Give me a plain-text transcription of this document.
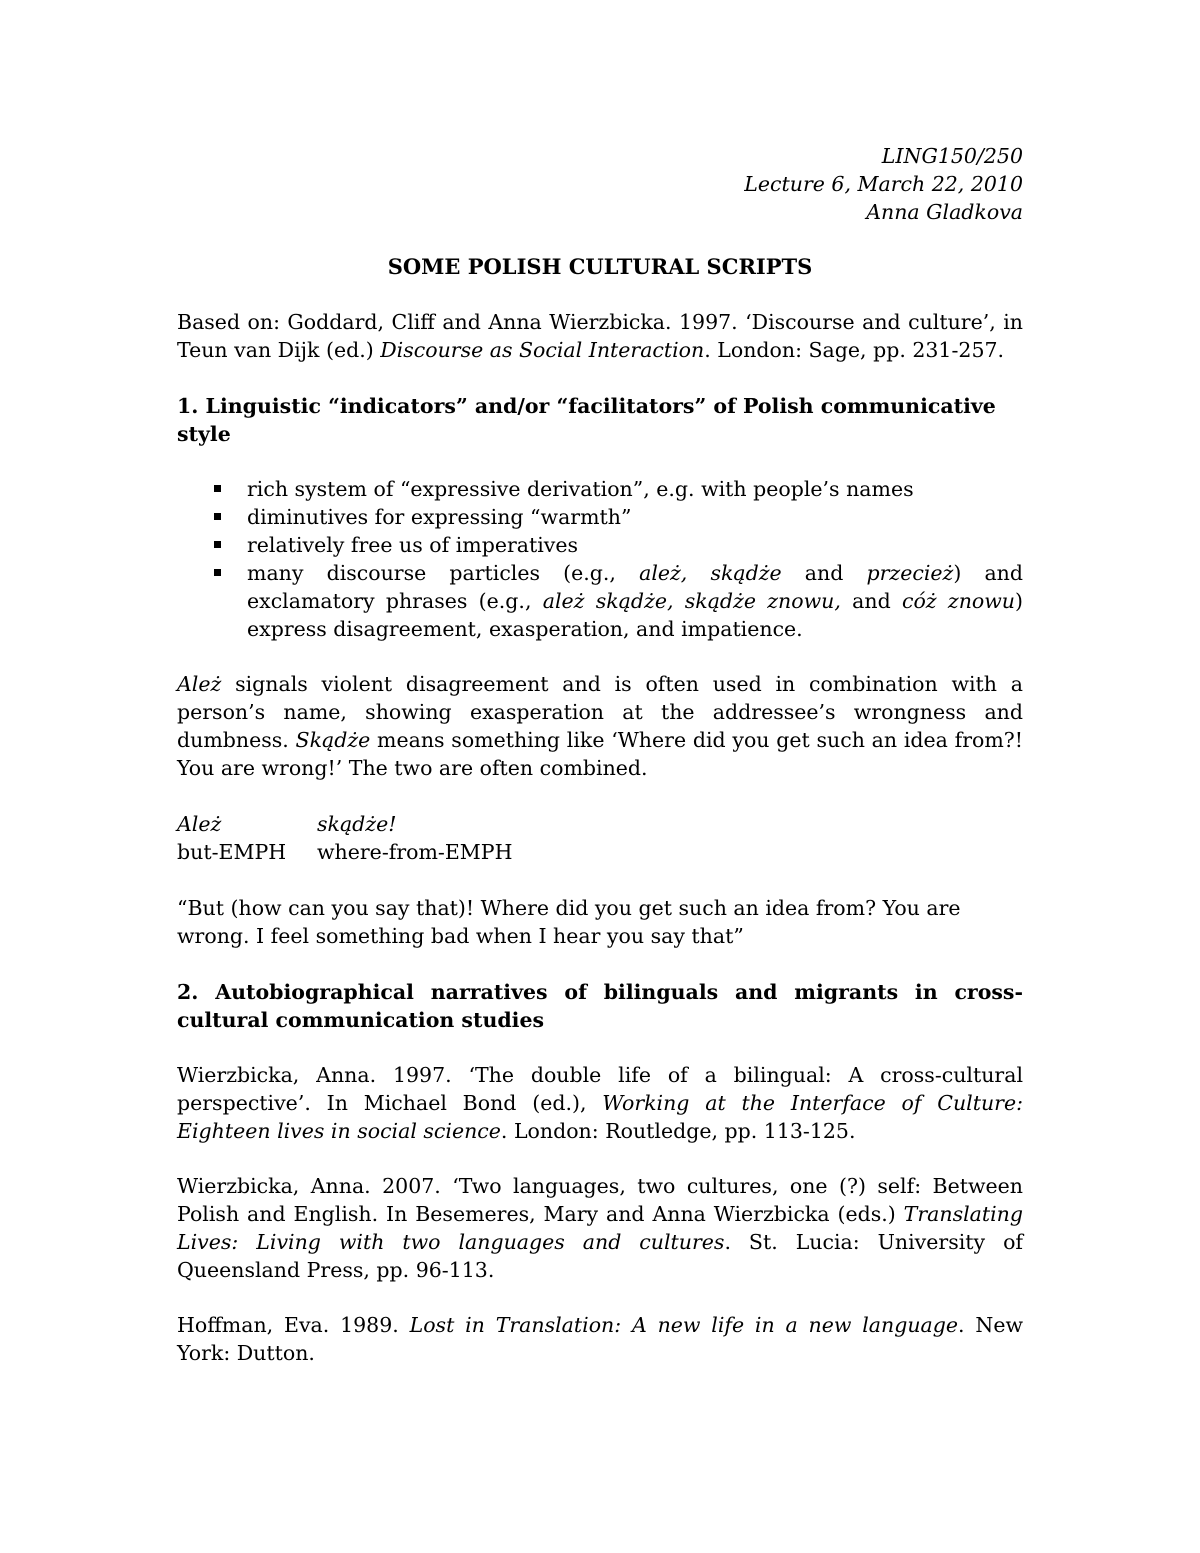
LING150/250
Lecture 6, March 22, 2010
Anna Gladkova
SOME POLISH CULTURAL SCRIPTS

Based on: Goddard, Cliff and Anna Wierzbicka. 1997. ‘Discourse and culture’, in Teun van Dijk (ed.) Discourse as Social Interaction. London: Sage, pp. 231-257.

1. Linguistic “indicators” and/or “facilitators” of Polish communicative style

rich system of “expressive derivation”, e.g. with people’s names
diminutives for expressing “warmth”
relatively free us of imperatives
many discourse particles (e.g., ależ, skądże and przecież) and exclamatory phrases (e.g., ależ skądże, skądże znowu, and cóż znowu) express disagreement, exasperation, and impatience.

Ależ signals violent disagreement and is often used in combination with a person’s name, showing exasperation at the addressee’s wrongness and dumbness. Skądże means something like ‘Where did you get such an idea from?! You are wrong!’ The two are often combined.

Ależ	skądże!
but-EMPH	where-from-EMPH

“But (how can you say that)! Where did you get such an idea from? You are wrong. I feel something bad when I hear you say that”

2. Autobiographical narratives of bilinguals and migrants in cross-cultural communication studies

Wierzbicka, Anna. 1997. ‘The double life of a bilingual: A cross-cultural perspective’. In Michael Bond (ed.), Working at the Interface of Culture: Eighteen lives in social science. London: Routledge, pp. 113-125.

Wierzbicka, Anna. 2007. ‘Two languages, two cultures, one (?) self: Between Polish and English. In Besemeres, Mary and Anna Wierzbicka (eds.) Translating Lives: Living with two languages and cultures. St. Lucia: University of Queensland Press, pp. 96-113.

Hoffman, Eva. 1989. Lost in Translation: A new life in a new language. New York: Dutton.
